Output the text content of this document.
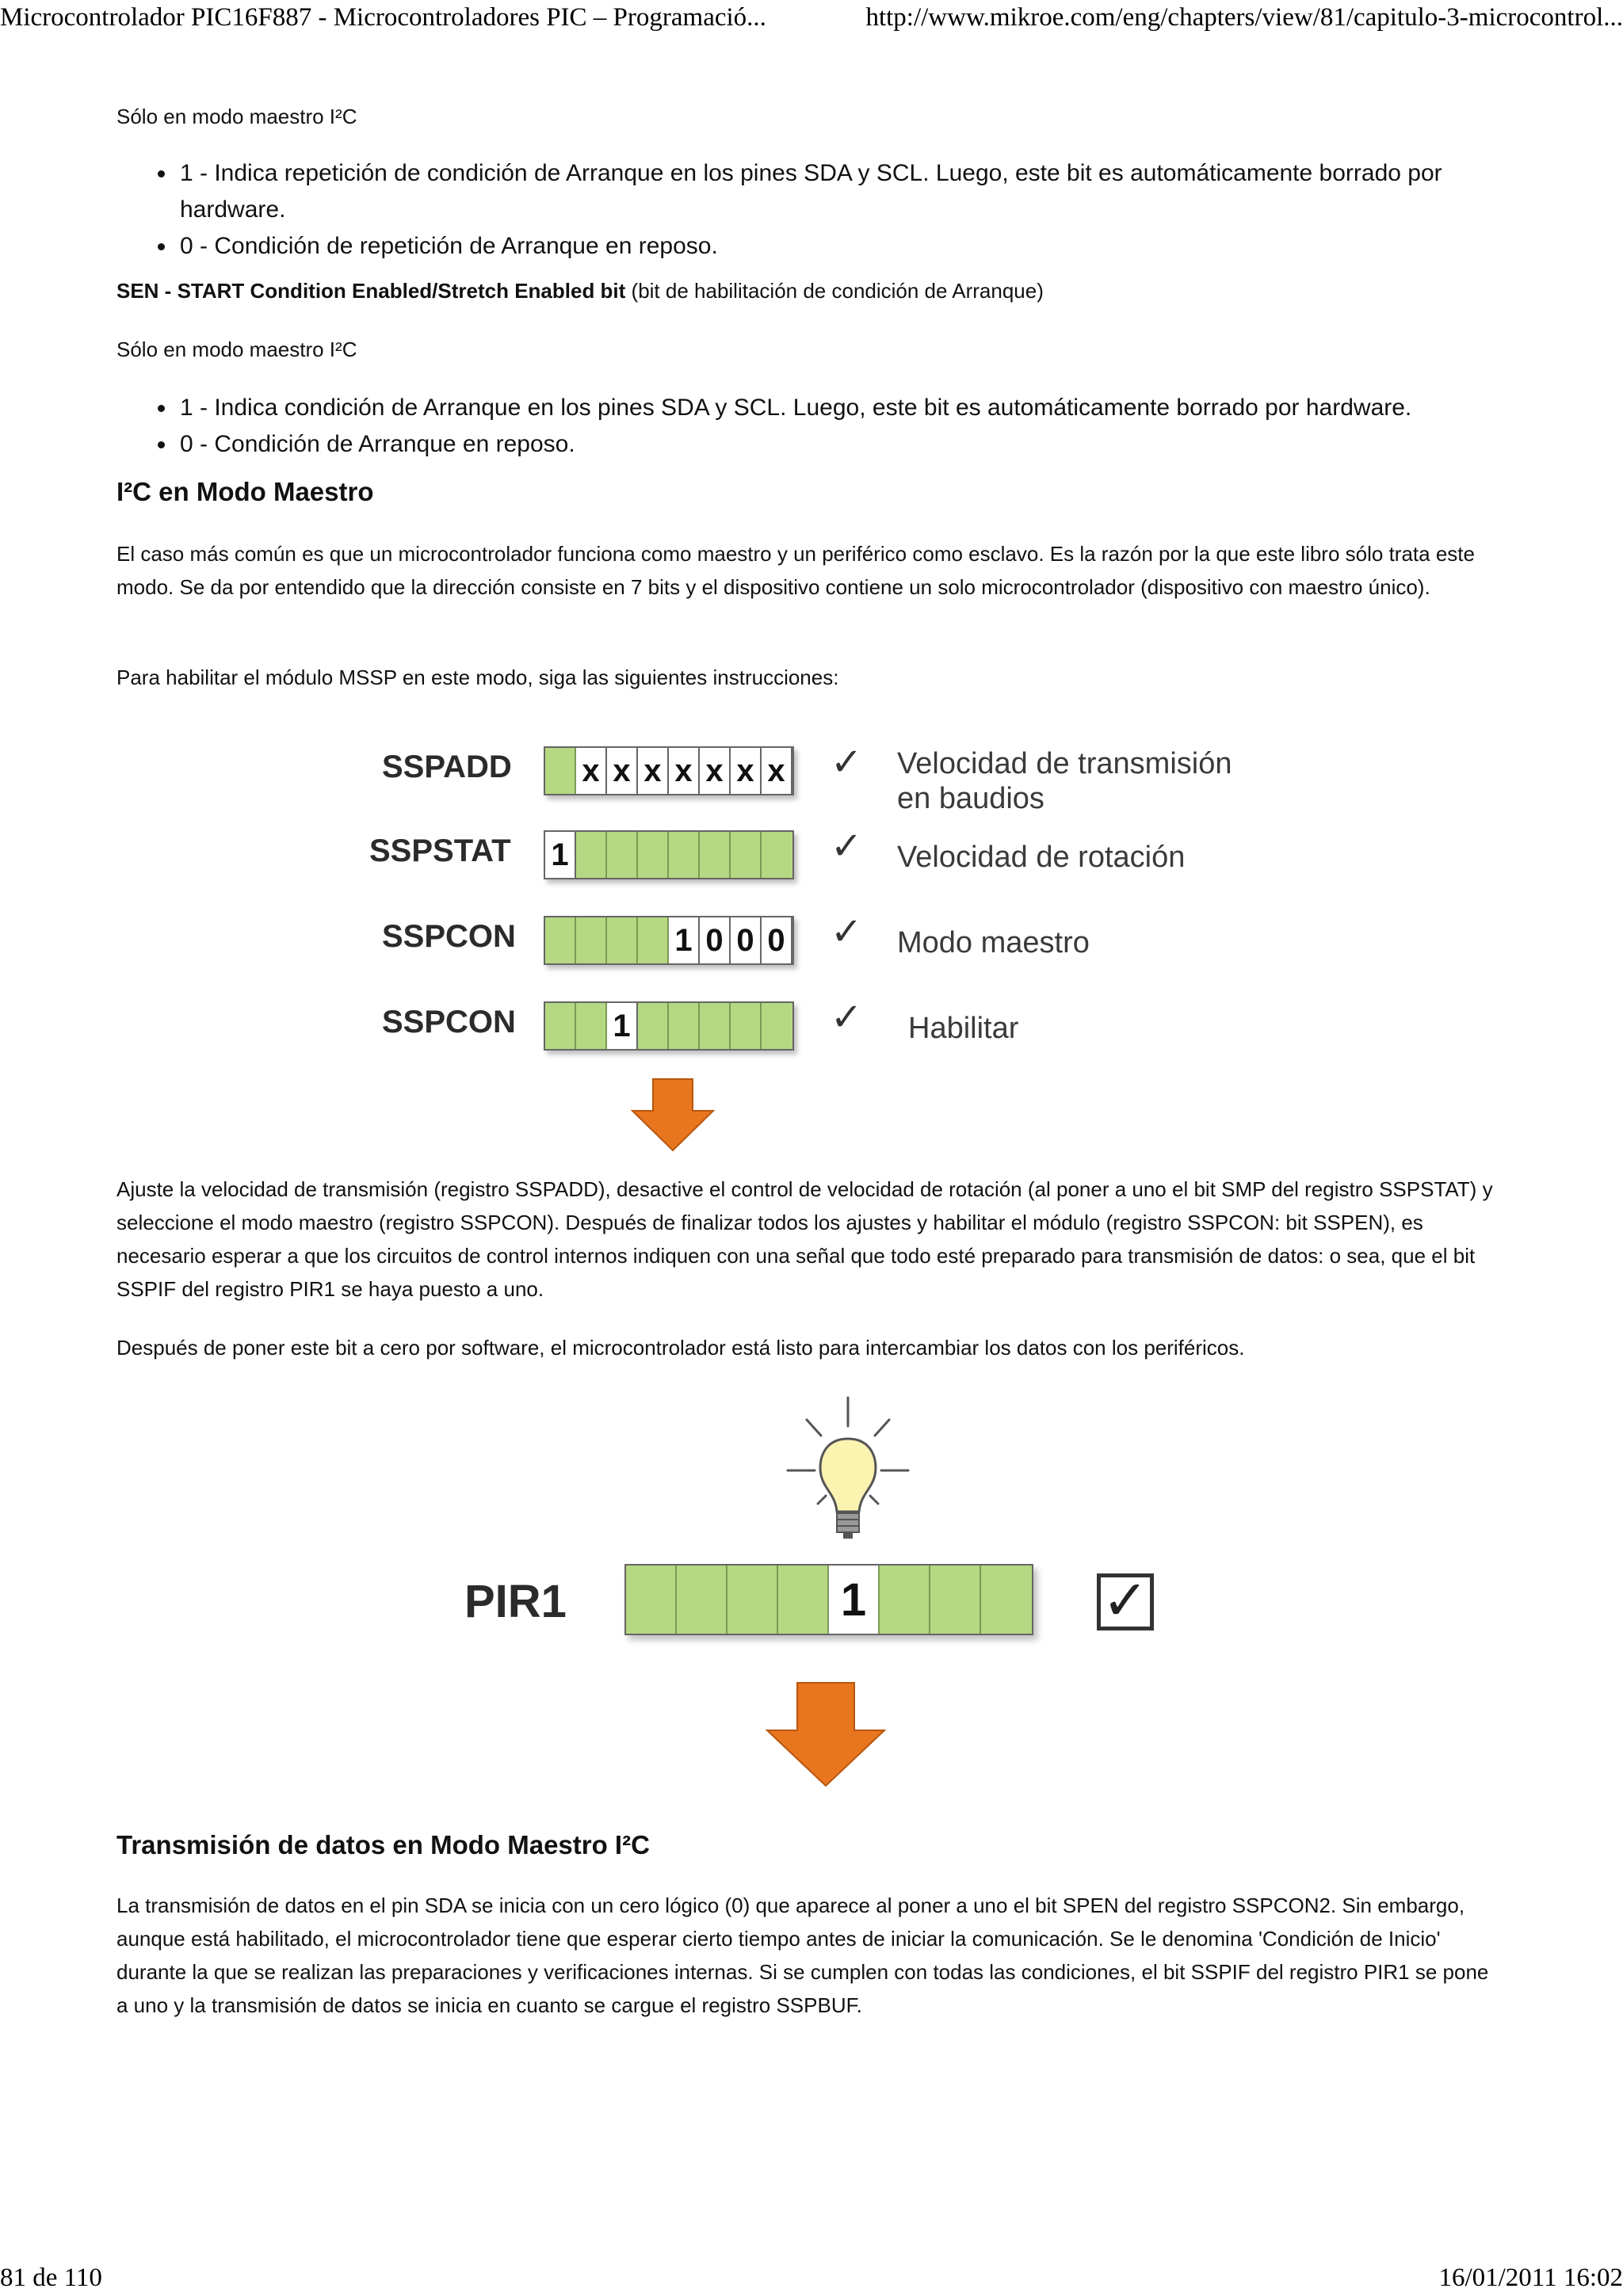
Microcontrolador PIC16F887 - Microcontroladores PIC – Programació...	http://www.mikroe.com/eng/chapters/view/81/capitulo-3-microcontrol...

Sólo en modo maestro I²C

1 - Indica repetición de condición de Arranque en los pines SDA y SCL. Luego, este bit es automáticamente borrado por hardware.
0 - Condición de repetición de Arranque en reposo.

SEN - START Condition Enabled/Stretch Enabled bit (bit de habilitación de condición de Arranque)

Sólo en modo maestro I²C

1 - Indica condición de Arranque en los pines SDA y SCL. Luego, este bit es automáticamente borrado por hardware.
0 - Condición de Arranque en reposo.
I²C en Modo Maestro

El caso más común es que un microcontrolador funciona como maestro y un periférico como esclavo. Es la razón por la que este libro sólo trata este modo. Se da por entendido que la dirección consiste en 7 bits y el dispositivo contiene un solo microcontrolador (dispositivo con maestro único).

Para habilitar el módulo MSSP en este modo, siga las siguientes instrucciones:

SSPADD x x x x x x x ✓ Velocidad de transmisión
en baudios
SSPSTAT 1	✓ Velocidad de rotación
SSPCON	1 0 0 0 ✓ Modo maestro
SSPCON	1	✓ Habilitar

Ajuste la velocidad de transmisión (registro SSPADD), desactive el control de velocidad de rotación (al poner a uno el bit SMP del registro SSPSTAT) y seleccione el modo maestro (registro SSPCON). Después de finalizar todos los ajustes y habilitar el módulo (registro SSPCON: bit SSPEN), es necesario esperar a que los circuitos de control internos indiquen con una señal que todo esté preparado para transmisión de datos: o sea, que el bit SSPIF del registro PIR1 se haya puesto a uno.

Después de poner este bit a cero por software, el microcontrolador está listo para intercambiar los datos con los periféricos.

PIR1	1	✓
Transmisión de datos en Modo Maestro I²C

La transmisión de datos en el pin SDA se inicia con un cero lógico (0) que aparece al poner a uno el bit SPEN del registro SSPCON2. Sin embargo, aunque está habilitado, el microcontrolador tiene que esperar cierto tiempo antes de iniciar la comunicación. Se le denomina 'Condición de Inicio' durante la que se realizan las preparaciones y verificaciones internas. Si se cumplen con todas las condiciones, el bit SSPIF del registro PIR1 se pone a uno y la transmisión de datos se inicia en cuanto se cargue el registro SSPBUF.

81 de 110	16/01/2011 16:02
